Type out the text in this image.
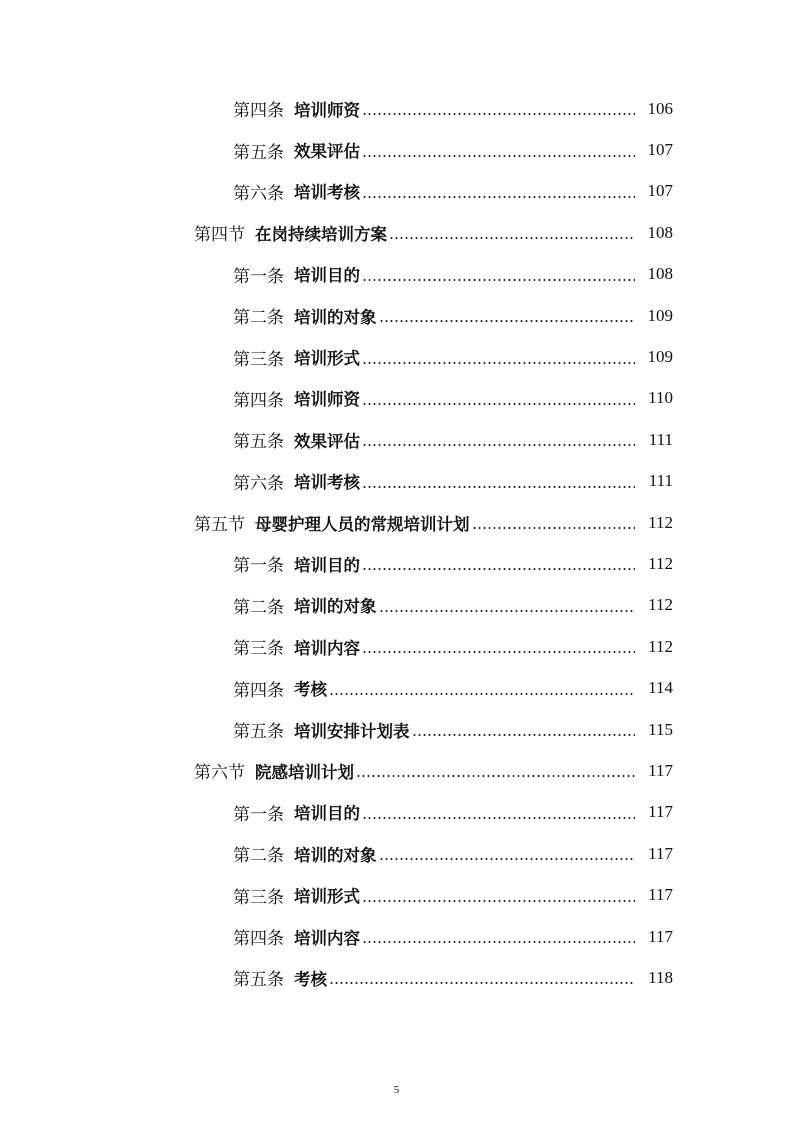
第四条 培训师资	106
第五条 效果评估	107
第六条 培训考核	107
第四节 在岗持续培训方案	108
第一条 培训目的	108
第二条 培训的对象	109
第三条 培训形式	109
第四条 培训师资	110
第五条 效果评估	111
第六条 培训考核	111
第五节 母婴护理人员的常规培训计划	112
第一条 培训目的	112
第二条 培训的对象	112
第三条 培训内容	112
第四条 考核	114
第五条 培训安排计划表	115
第六节 院感培训计划	117
第一条 培训目的	117
第二条 培训的对象	117
第三条 培训形式	117
第四条 培训内容	117
第五条 考核	118
5
